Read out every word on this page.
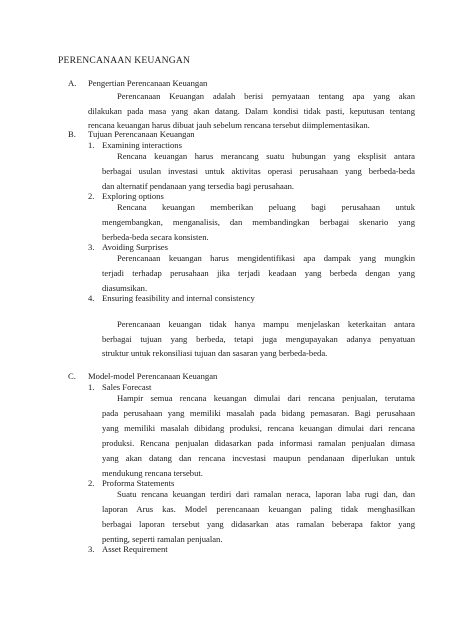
PERENCANAAN KEUANGAN
A. Pengertian Perencanaan Keuangan
Perencanaan Keuangan adalah berisi pernyataan tentang apa yang akan
dilakukan pada masa yang akan datang. Dalam kondisi tidak pasti, keputusan tentang
rencana keuangan harus dibuat jauh sebelum rencana tersebut diimplementasikan.
B. Tujuan Perencanaan Keuangan
1. Examining interactions
Rencana keuangan harus merancang suatu hubungan yang eksplisit antara
berbagai usulan investasi untuk aktivitas operasi perusahaan yang berbeda-beda
dan alternatif pendanaan yang tersedia bagi perusahaan.
2. Exploring options
Rencana keuangan memberikan peluang bagi perusahaan untuk
mengembangkan, menganalisis, dan membandingkan berbagai skenario yang
berbeda-beda secara konsisten.
3. Avoiding Surprises
Perencanaan keuangan harus mengidentifikasi apa dampak yang mungkin
terjadi terhadap perusahaan jika terjadi keadaan yang berbeda dengan yang
diasumsikan.
4. Ensuring feasibility and internal consistency
Perencanaan keuangan tidak hanya mampu menjelaskan keterkaitan antara
berbagai tujuan yang berbeda, tetapi juga mengupayakan adanya penyatuan
struktur untuk rekonsiliasi tujuan dan sasaran yang berbeda-beda.
C. Model-model Perencanaan Keuangan
1. Sales Forecast
Hampir semua rencana keuangan dimulai dari rencana penjualan, terutama
pada perusahaan yang memiliki masalah pada bidang pemasaran. Bagi perusahaan
yang memiliki masalah dibidang produksi, rencana keuangan dimulai dari rencana
produksi. Rencana penjualan didasarkan pada informasi ramalan penjualan dimasa
yang akan datang dan rencana incvestasi maupun pendanaan diperlukan untuk
mendukung rencana tersebut.
2. Proforma Statements
Suatu rencana keuangan terdiri dari ramalan neraca, laporan laba rugi dan, dan
laporan Arus kas. Model perencanaan keuangan paling tidak menghasilkan
berbagai laporan tersebut yang didasarkan atas ramalan beberapa faktor yang
penting, seperti ramalan penjualan.
3. Asset Requirement
